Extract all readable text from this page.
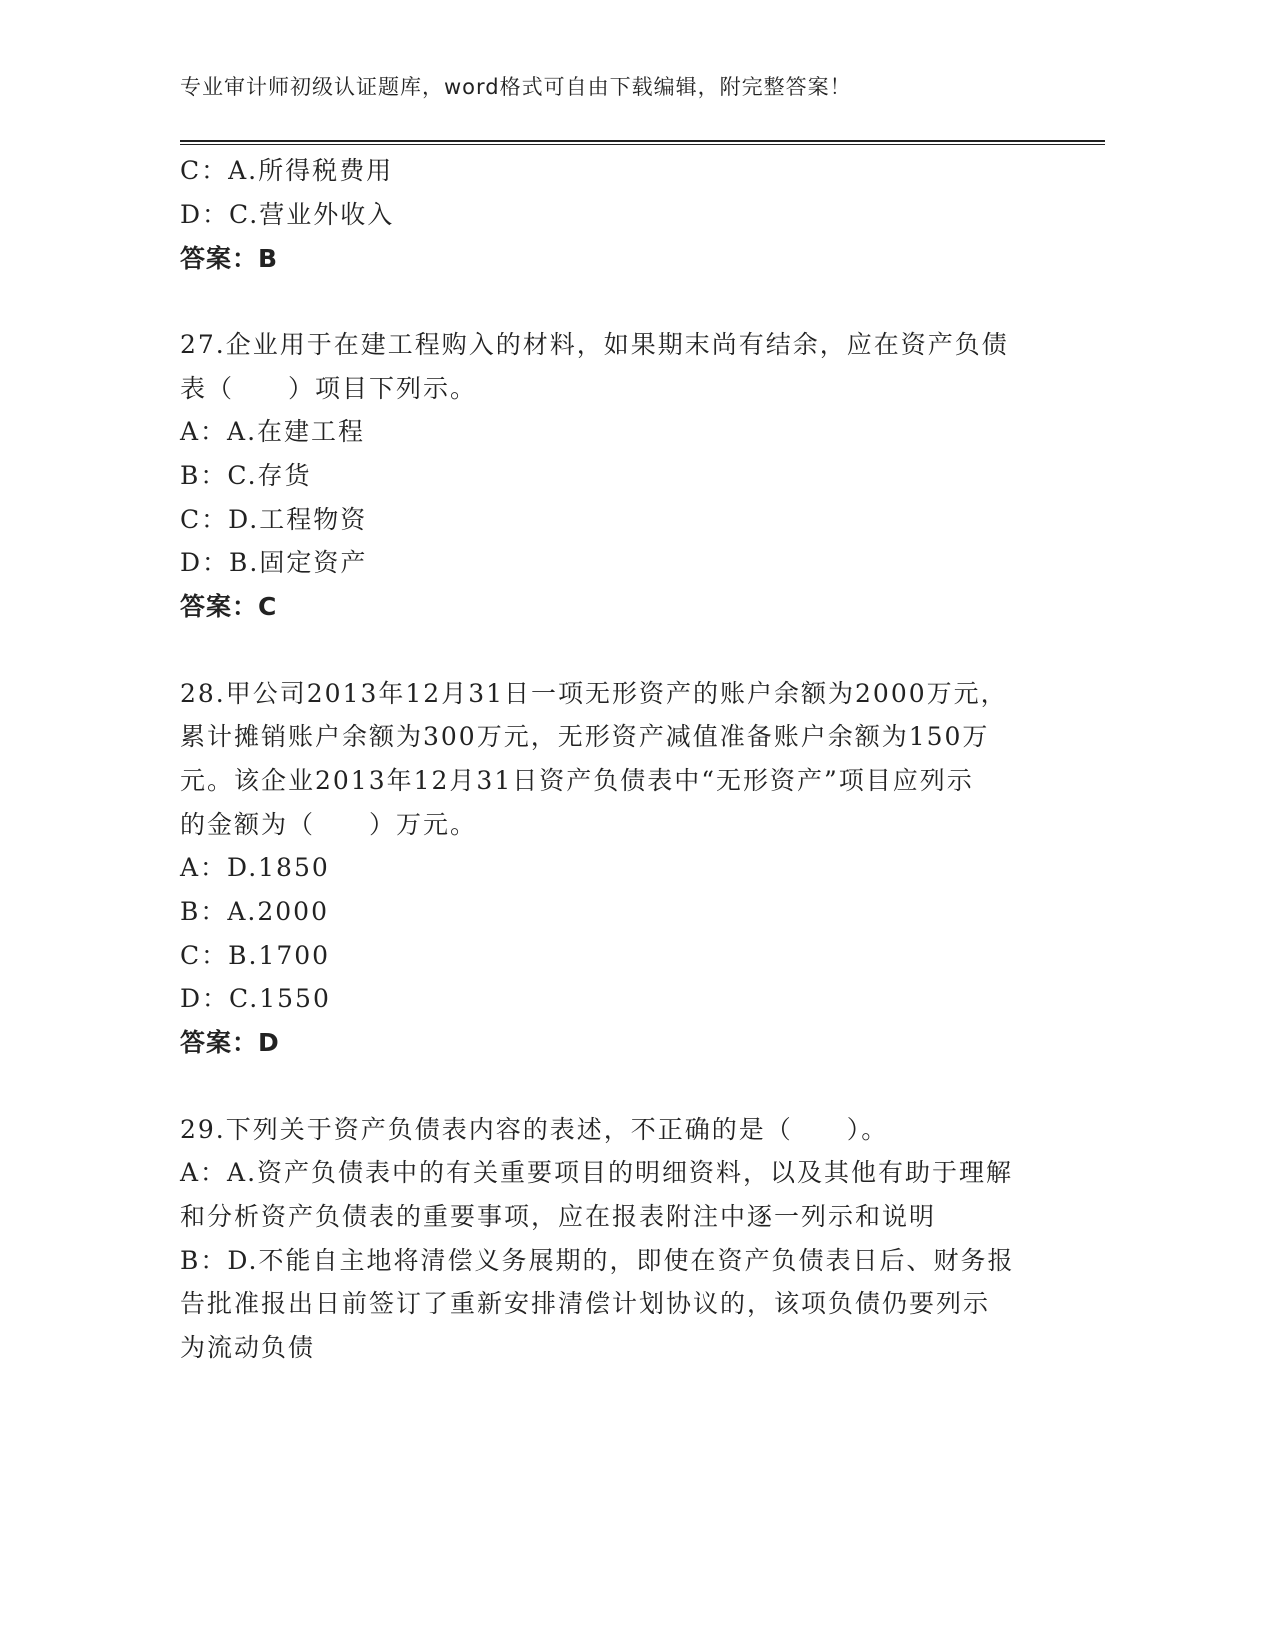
专业审计师初级认证题库，word格式可自由下载编辑，附完整答案！
C：A.所得税费用
D：C.营业外收入
答案：B
27.企业用于在建工程购入的材料，如果期末尚有结余，应在资产负债
表（　　）项目下列示。
A：A.在建工程
B：C.存货
C：D.工程物资
D：B.固定资产
答案：C
28.甲公司2013年12月31日一项无形资产的账户余额为2000万元，
累计摊销账户余额为300万元，无形资产减值准备账户余额为150万
元。该企业2013年12月31日资产负债表中“无形资产”项目应列示
的金额为（　　）万元。
A：D.1850
B：A.2000
C：B.1700
D：C.1550
答案：D
29.下列关于资产负债表内容的表述，不正确的是（　　）。
A：A.资产负债表中的有关重要项目的明细资料，以及其他有助于理解
和分析资产负债表的重要事项，应在报表附注中逐一列示和说明
B：D.不能自主地将清偿义务展期的，即使在资产负债表日后、财务报
告批准报出日前签订了重新安排清偿计划协议的，该项负债仍要列示
为流动负债
